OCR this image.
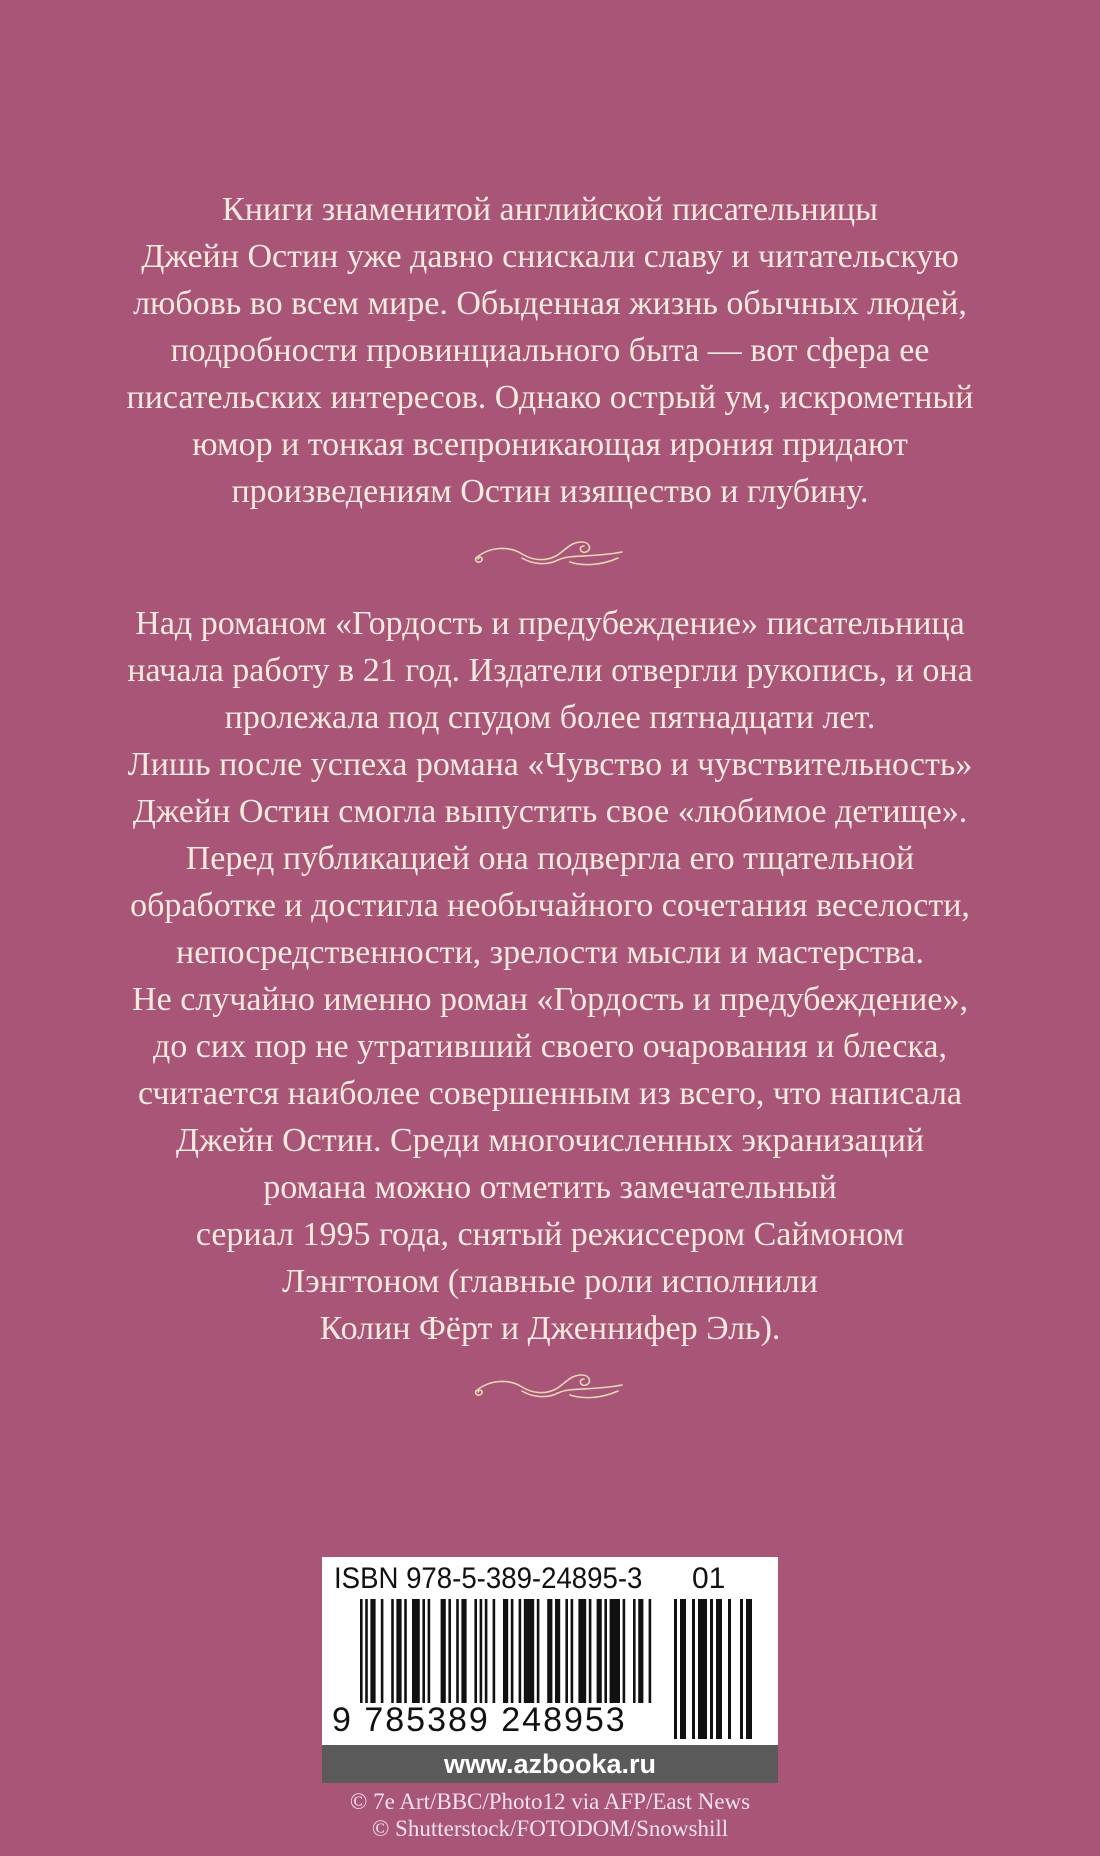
Книги знаменитой английской писательницы
Джейн Остин уже давно снискали славу и читательскую
любовь во всем мире. Обыденная жизнь обычных людей,
подробности провинциального быта — вот сфера ее
писательских интересов. Однако острый ум, искрометный
юмор и тонкая всепроникающая ирония придают
произведениям Остин изящество и глубину.

Над романом «Гордость и предубеждение» писательница
начала работу в 21 год. Издатели отвергли рукопись, и она
пролежала под спудом более пятнадцати лет.
Лишь после успеха романа «Чувство и чувствительность»
Джейн Остин смогла выпустить свое «любимое детище».
Перед публикацией она подвергла его тщательной
обработке и достигла необычайного сочетания веселости,
непосредственности, зрелости мысли и мастерства.
Не случайно именно роман «Гордость и предубеждение»,
до сих пор не утративший своего очарования и блеска,
считается наиболее совершенным из всего, что написала
Джейн Остин. Среди многочисленных экранизаций
романа можно отметить замечательный
сериал 1995 года, снятый режиссером Саймоном
Лэнгтоном (главные роли исполнили
Колин Фёрт и Дженнифер Эль).

ISBN 978-5-389-24895-3 01
9 785389 248953
www.azbooka.ru
© 7e Art/BBC/Photo12 via AFP/East News
© Shutterstock/FOTODOM/Snowshill
